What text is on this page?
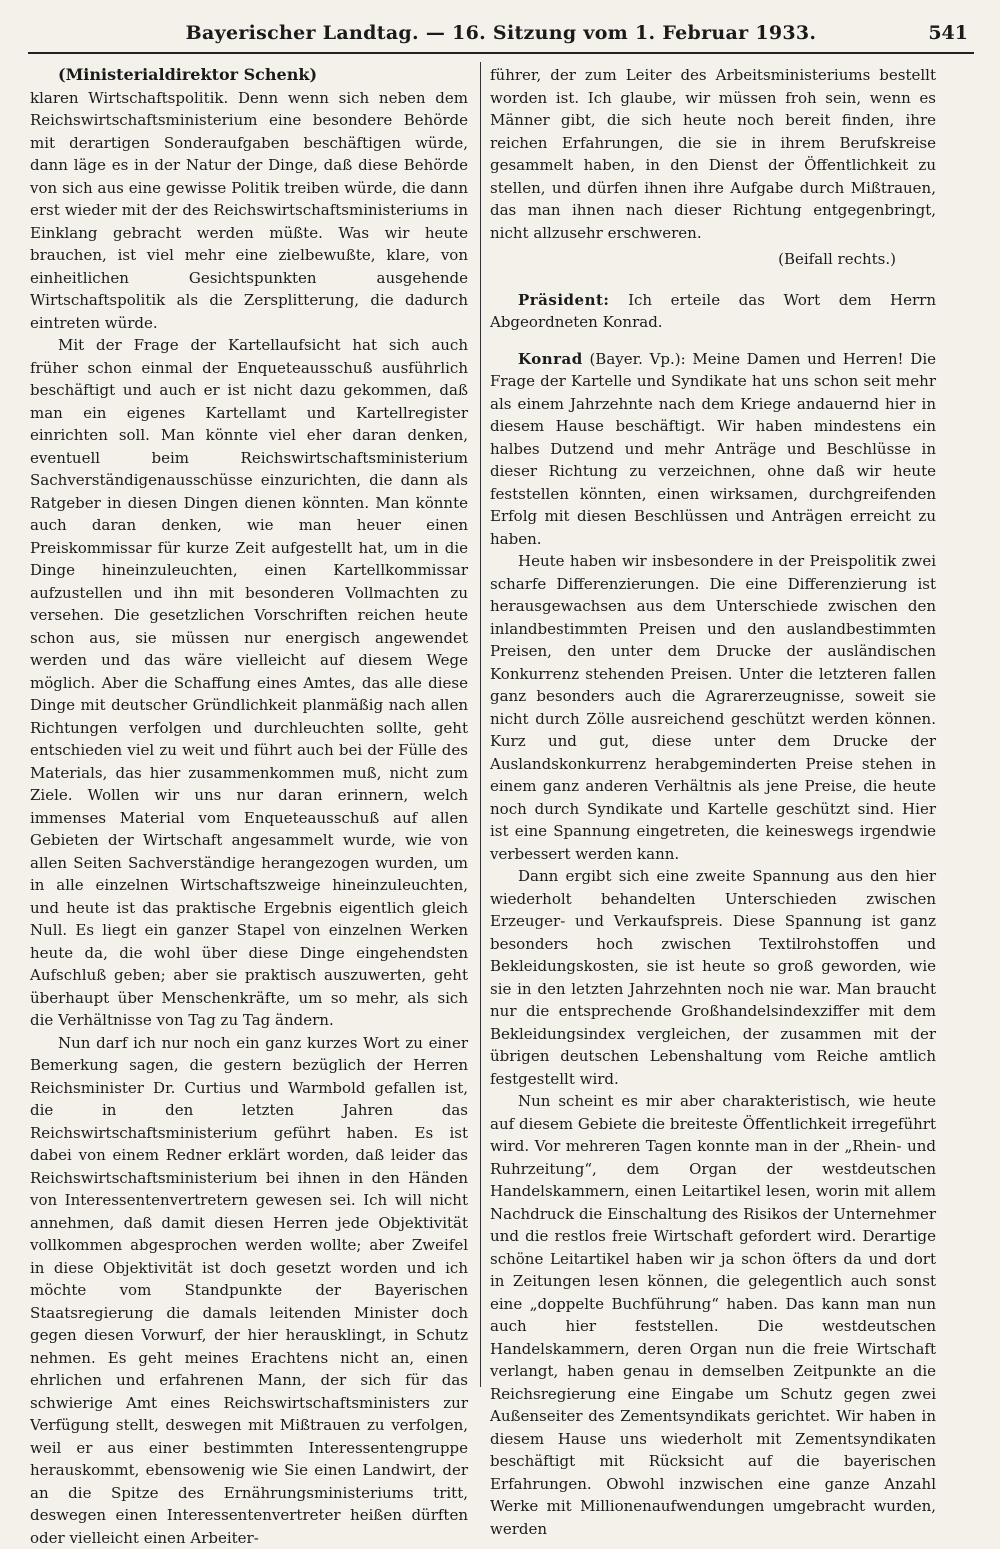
Bayerischer Landtag. — 16. Sitzung vom 1. Februar 1933.	541

(Ministerialdirektor Schenk)

klaren Wirtschaftspolitik. Denn wenn sich neben dem Reichswirtschaftsministerium eine besondere Behörde mit derartigen Sonderaufgaben beschäftigen würde, dann läge es in der Natur der Dinge, daß diese Behörde von sich aus eine gewisse Politik treiben würde, die dann erst wieder mit der des Reichswirtschaftsministeriums in Einklang gebracht werden müßte. Was wir heute brauchen, ist viel mehr eine zielbewußte, klare, von einheitlichen Gesichtspunkten ausgehende Wirtschaftspolitik als die Zersplitterung, die dadurch eintreten würde.

Mit der Frage der Kartellaufsicht hat sich auch früher schon einmal der Enqueteausschuß ausführlich beschäftigt und auch er ist nicht dazu gekommen, daß man ein eigenes Kartellamt und Kartellregister einrichten soll. Man könnte viel eher daran denken, eventuell beim Reichswirtschaftsministerium Sachverständigenausschüsse einzurichten, die dann als Ratgeber in diesen Dingen dienen könnten. Man könnte auch daran denken, wie man heuer einen Preiskommissar für kurze Zeit aufgestellt hat, um in die Dinge hineinzuleuchten, einen Kartellkommissar aufzustellen und ihn mit besonderen Vollmachten zu versehen. Die gesetzlichen Vorschriften reichen heute schon aus, sie müssen nur energisch angewendet werden und das wäre vielleicht auf diesem Wege möglich. Aber die Schaffung eines Amtes, das alle diese Dinge mit deutscher Gründlichkeit planmäßig nach allen Richtungen verfolgen und durchleuchten sollte, geht entschieden viel zu weit und führt auch bei der Fülle des Materials, das hier zusammenkommen muß, nicht zum Ziele. Wollen wir uns nur daran erinnern, welch immenses Material vom Enqueteausschuß auf allen Gebieten der Wirtschaft angesammelt wurde, wie von allen Seiten Sachverständige herangezogen wurden, um in alle einzelnen Wirtschaftszweige hineinzuleuchten, und heute ist das praktische Ergebnis eigentlich gleich Null. Es liegt ein ganzer Stapel von einzelnen Werken heute da, die wohl über diese Dinge eingehendsten Aufschluß geben; aber sie praktisch auszuwerten, geht überhaupt über Menschenkräfte, um so mehr, als sich die Verhältnisse von Tag zu Tag ändern.

Nun darf ich nur noch ein ganz kurzes Wort zu einer Bemerkung sagen, die gestern bezüglich der Herren Reichsminister Dr. Curtius und Warmbold gefallen ist, die in den letzten Jahren das Reichswirtschaftsministerium geführt haben. Es ist dabei von einem Redner erklärt worden, daß leider das Reichswirtschaftsministerium bei ihnen in den Händen von Interessentenvertretern gewesen sei. Ich will nicht annehmen, daß damit diesen Herren jede Objektivität vollkommen abgesprochen werden wollte; aber Zweifel in diese Objektivität ist doch gesetzt worden und ich möchte vom Standpunkte der Bayerischen Staatsregierung die damals leitenden Minister doch gegen diesen Vorwurf, der hier herausklingt, in Schutz nehmen. Es geht meines Erachtens nicht an, einen ehrlichen und erfahrenen Mann, der sich für das schwierige Amt eines Reichswirtschaftsministers zur Verfügung stellt, deswegen mit Mißtrauen zu verfolgen, weil er aus einer bestimmten Interessentengruppe herauskommt, ebensowenig wie Sie einen Landwirt, der an die Spitze des Ernährungsministeriums tritt, deswegen einen Interessentenvertreter heißen dürften oder vielleicht einen Arbeiter-

führer, der zum Leiter des Arbeitsministeriums bestellt worden ist. Ich glaube, wir müssen froh sein, wenn es Männer gibt, die sich heute noch bereit finden, ihre reichen Erfahrungen, die sie in ihrem Berufskreise gesammelt haben, in den Dienst der Öffentlichkeit zu stellen, und dürfen ihnen ihre Aufgabe durch Mißtrauen, das man ihnen nach dieser Richtung entgegenbringt, nicht allzusehr erschweren.

(Beifall rechts.)

Präsident: Ich erteile das Wort dem Herrn Abgeordneten Konrad.

Konrad (Bayer. Vp.): Meine Damen und Herren! Die Frage der Kartelle und Syndikate hat uns schon seit mehr als einem Jahrzehnte nach dem Kriege andauernd hier in diesem Hause beschäftigt. Wir haben mindestens ein halbes Dutzend und mehr Anträge und Beschlüsse in dieser Richtung zu verzeichnen, ohne daß wir heute feststellen könnten, einen wirksamen, durchgreifenden Erfolg mit diesen Beschlüssen und Anträgen erreicht zu haben.

Heute haben wir insbesondere in der Preispolitik zwei scharfe Differenzierungen. Die eine Differenzierung ist herausgewachsen aus dem Unterschiede zwischen den inlandbestimmten Preisen und den auslandbestimmten Preisen, den unter dem Drucke der ausländischen Konkurrenz stehenden Preisen. Unter die letzteren fallen ganz besonders auch die Agrarerzeugnisse, soweit sie nicht durch Zölle ausreichend geschützt werden können. Kurz und gut, diese unter dem Drucke der Auslandskonkurrenz herabgeminderten Preise stehen in einem ganz anderen Verhältnis als jene Preise, die heute noch durch Syndikate und Kartelle geschützt sind. Hier ist eine Spannung eingetreten, die keineswegs irgendwie verbessert werden kann.

Dann ergibt sich eine zweite Spannung aus den hier wiederholt behandelten Unterschieden zwischen Erzeuger- und Verkaufspreis. Diese Spannung ist ganz besonders hoch zwischen Textilrohstoffen und Bekleidungskosten, sie ist heute so groß geworden, wie sie in den letzten Jahrzehnten noch nie war. Man braucht nur die entsprechende Großhandelsindexziffer mit dem Bekleidungsindex vergleichen, der zusammen mit der übrigen deutschen Lebenshaltung vom Reiche amtlich festgestellt wird.

Nun scheint es mir aber charakteristisch, wie heute auf diesem Gebiete die breiteste Öffentlichkeit irregeführt wird. Vor mehreren Tagen konnte man in der „Rhein- und Ruhrzeitung“, dem Organ der westdeutschen Handelskammern, einen Leitartikel lesen, worin mit allem Nachdruck die Einschaltung des Risikos der Unternehmer und die restlos freie Wirtschaft gefordert wird. Derartige schöne Leitartikel haben wir ja schon öfters da und dort in Zeitungen lesen können, die gelegentlich auch sonst eine „doppelte Buchführung“ haben. Das kann man nun auch hier feststellen. Die westdeutschen Handelskammern, deren Organ nun die freie Wirtschaft verlangt, haben genau in demselben Zeitpunkte an die Reichsregierung eine Eingabe um Schutz gegen zwei Außenseiter des Zementsyndikats gerichtet. Wir haben in diesem Hause uns wiederholt mit Zementsyndikaten beschäftigt mit Rücksicht auf die bayerischen Erfahrungen. Obwohl inzwischen eine ganze Anzahl Werke mit Millionenaufwendungen umgebracht wurden, werden
